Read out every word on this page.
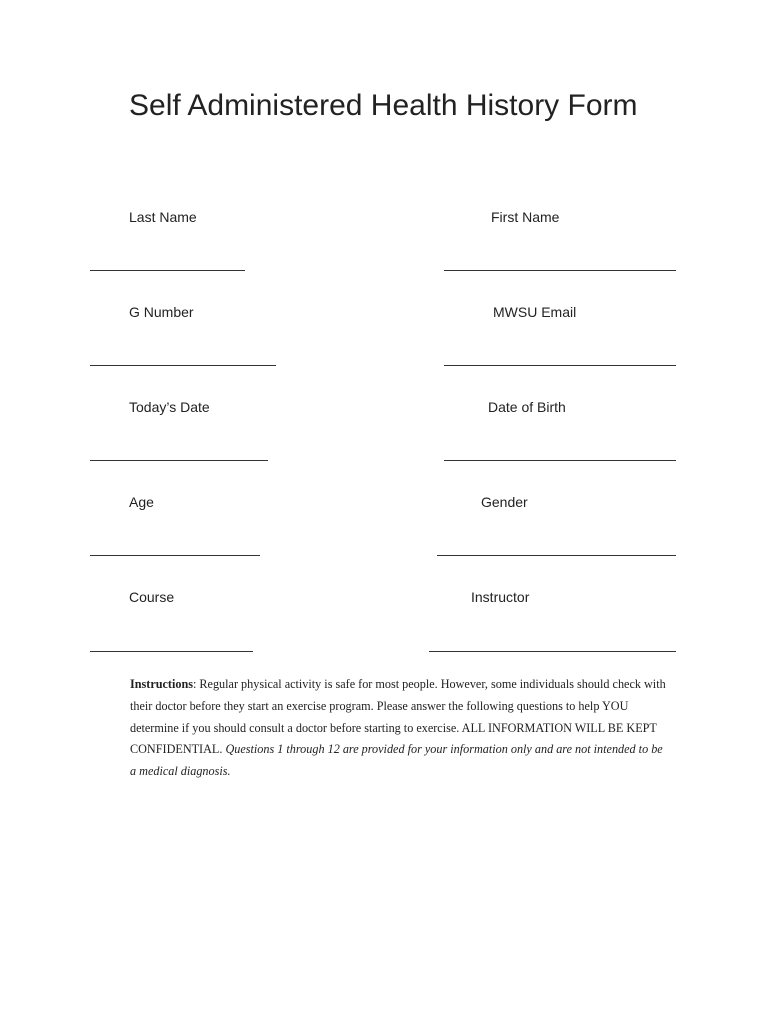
Self Administered Health History Form
Last Name	First Name
G Number	MWSU Email
Today’s Date	Date of Birth
Age	Gender
Course	Instructor

Instructions: Regular physical activity is safe for most people. However, some individuals should check with their doctor before they start an exercise program. Please answer the following questions to help YOU determine if you should consult a doctor before starting to exercise. ALL INFORMATION WILL BE KEPT CONFIDENTIAL. Questions 1 through 12 are provided for your information only and are not intended to be a medical diagnosis.
